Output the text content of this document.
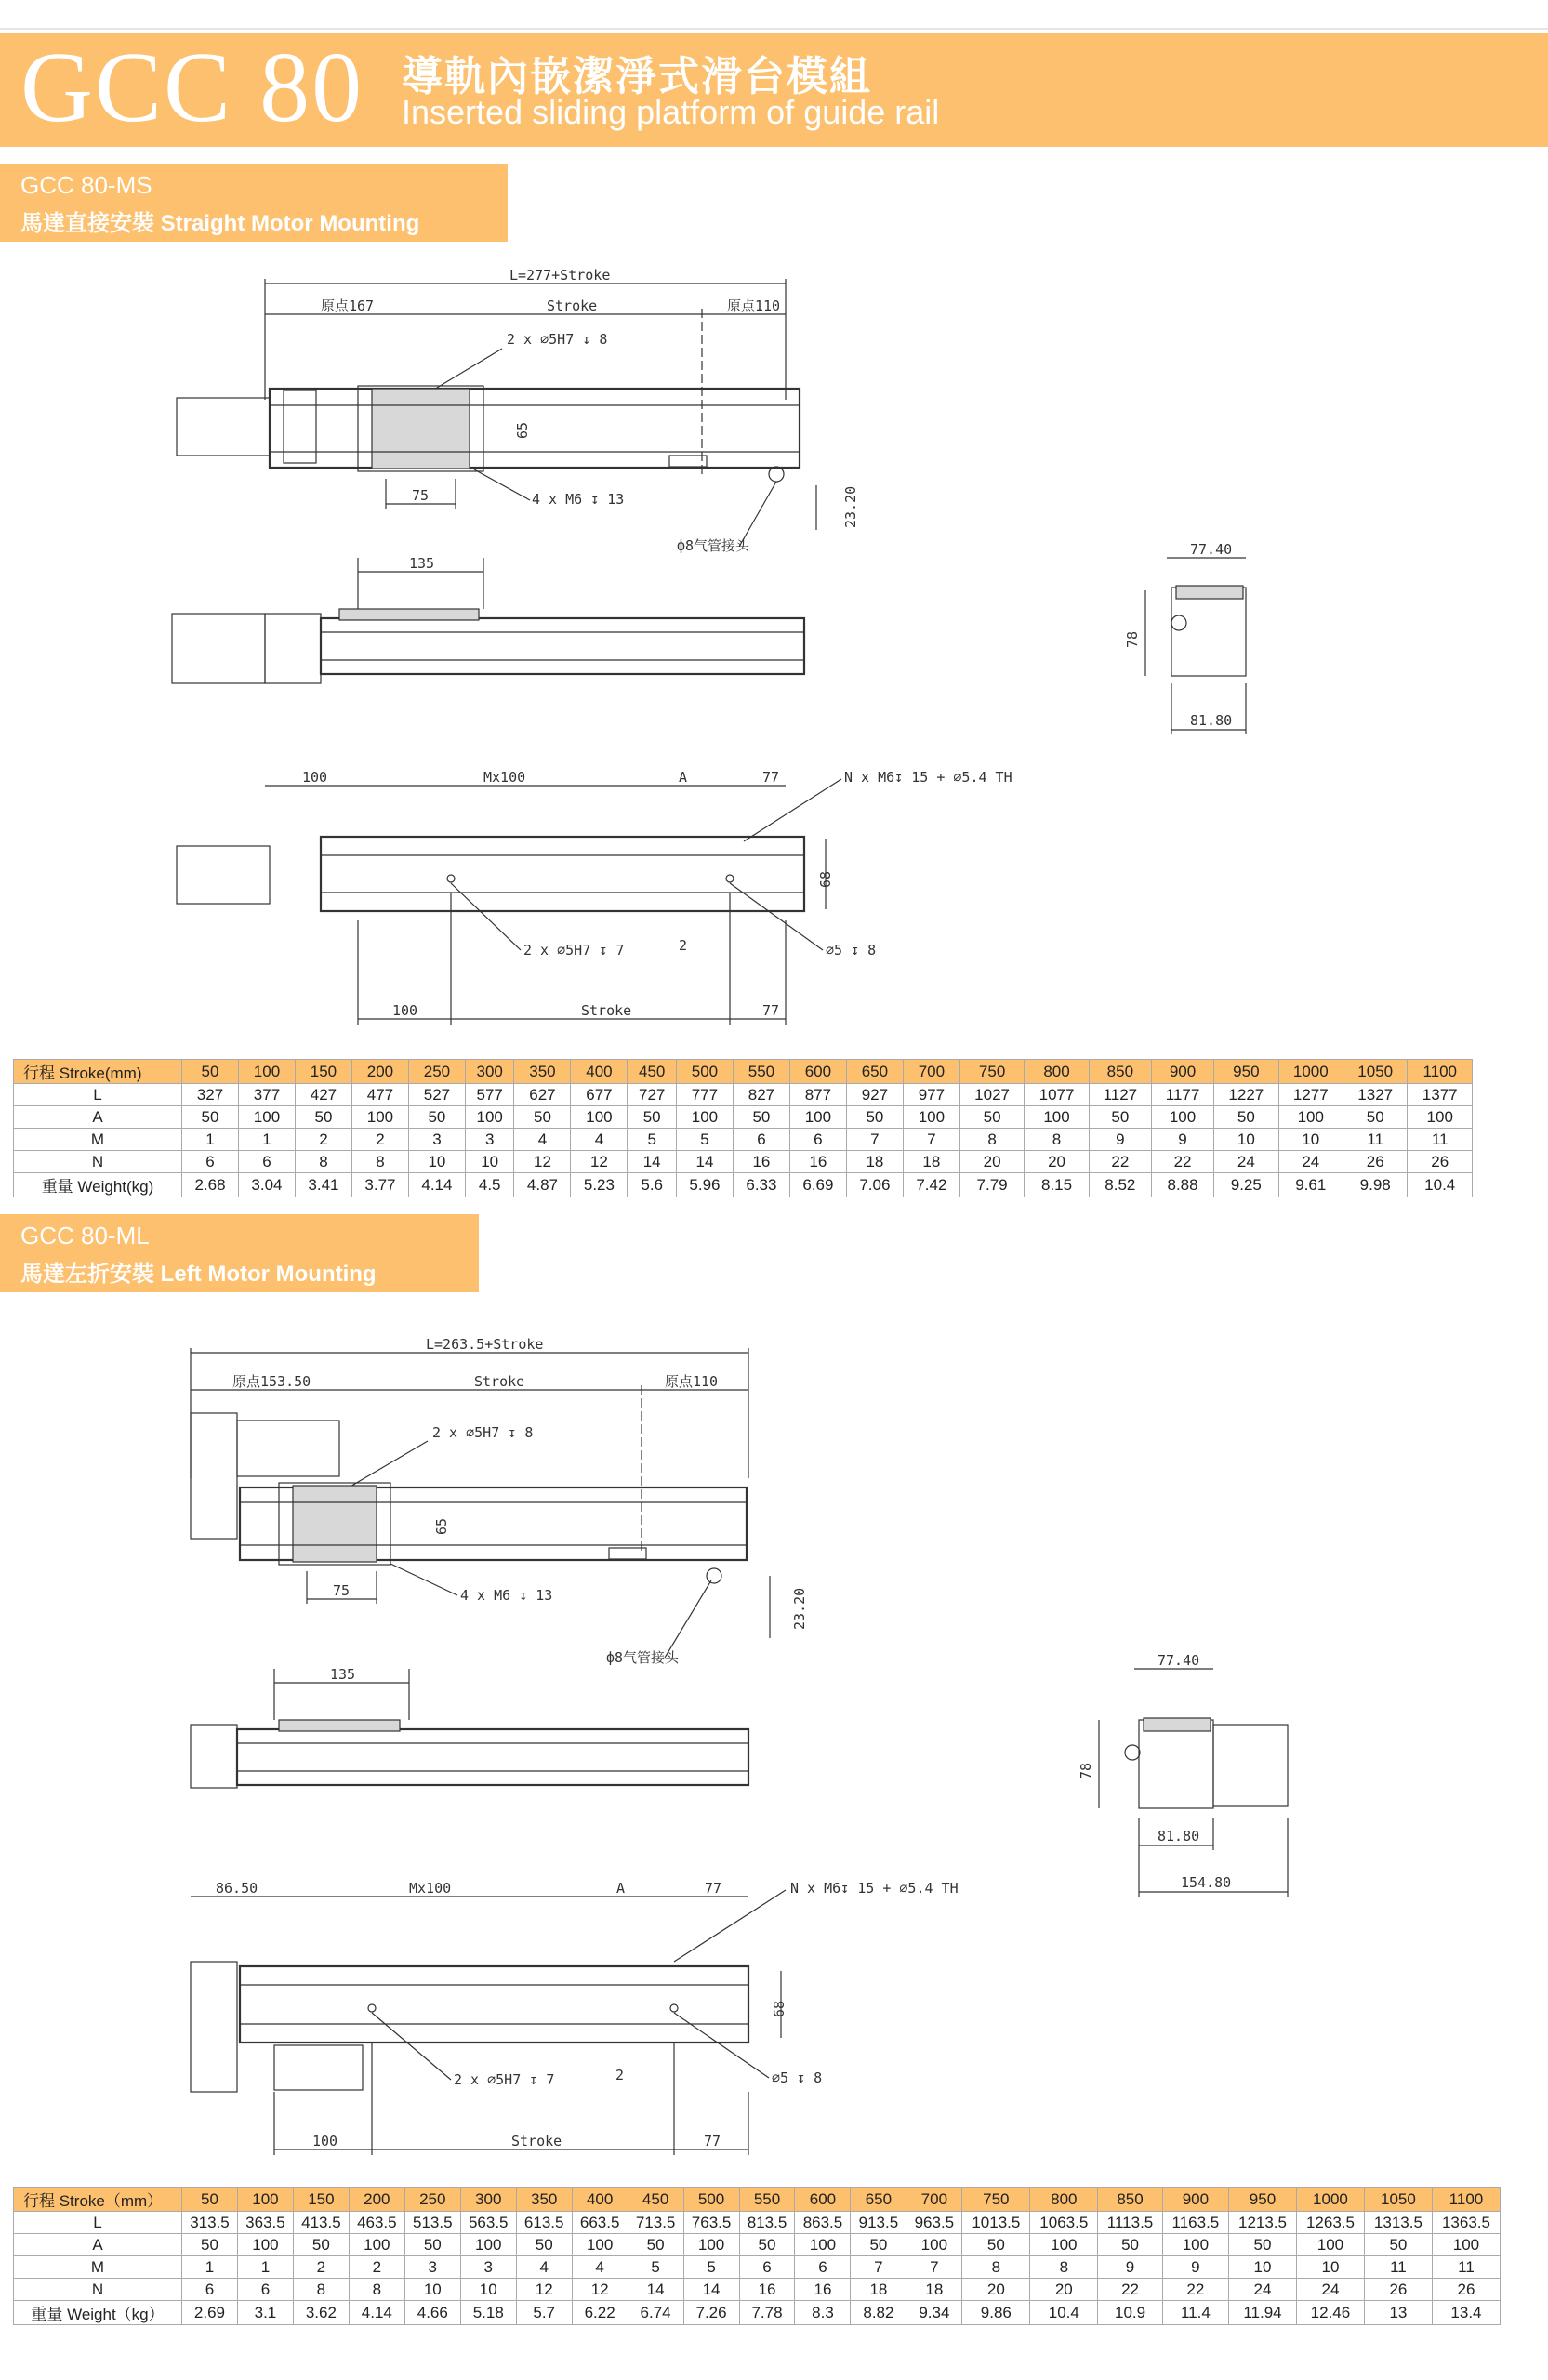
GCC 80 導軌內嵌潔淨式滑台模組
Inserted sliding platform of guide rail
GCC 80-MS
馬達直接安裝 Straight Motor Mounting
L=277+Stroke
原点167	Stroke	原点110
2 x ⌀5H7 ↧ 8
65
75	4 x M6 ↧ 13	23.20
ф8气管接头
135
77.40
78
81.80
100	Mx100	A	77	N x M6↧ 15 + ⌀5.4 TH
68
2 x ⌀5H7 ↧ 7	2	⌀5 ↧ 8
100	Stroke	77
行程 Stroke(mm)	50	100	150	200	250	300	350	400	450	500	550	600	650	700	750	800	850	900	950	1000	1050	1100
L	327	377	427	477	527	577	627	677	727	777	827	877	927	977	1027	1077	1127	1177	1227	1277	1327	1377
A	50	100	50	100	50	100	50	100	50	100	50	100	50	100	50	100	50	100	50	100	50	100
M	1	1	2	2	3	3	4	4	5	5	6	6	7	7	8	8	9	9	10	10	11	11
N	6	6	8	8	10	10	12	12	14	14	16	16	18	18	20	20	22	22	24	24	26	26
重量 Weight(kg)	2.68	3.04	3.41	3.77	4.14	4.5	4.87	5.23	5.6	5.96	6.33	6.69	7.06	7.42	7.79	8.15	8.52	8.88	9.25	9.61	9.98	10.4
GCC 80-ML
馬達左折安裝 Left Motor Mounting
L=263.5+Stroke
原点153.50	Stroke	原点110
2 x ⌀5H7 ↧ 8
65
75	4 x M6 ↧ 13	23.20
ф8气管接头
135
77.40
78
81.80
154.80
86.50	Mx100	A	77	N x M6↧ 15 + ⌀5.4 TH
68
2 x ⌀5H7 ↧ 7	2	⌀5 ↧ 8
100	Stroke	77
行程 Stroke（mm）	50	100	150	200	250	300	350	400	450	500	550	600	650	700	750	800	850	900	950	1000	1050	1100
L	313.5	363.5	413.5	463.5	513.5	563.5	613.5	663.5	713.5	763.5	813.5	863.5	913.5	963.5	1013.5	1063.5	1113.5	1163.5	1213.5	1263.5	1313.5	1363.5
A	50	100	50	100	50	100	50	100	50	100	50	100	50	100	50	100	50	100	50	100	50	100
M	1	1	2	2	3	3	4	4	5	5	6	6	7	7	8	8	9	9	10	10	11	11
N	6	6	8	8	10	10	12	12	14	14	16	16	18	18	20	20	22	22	24	24	26	26
重量 Weight（kg）	2.69	3.1	3.62	4.14	4.66	5.18	5.7	6.22	6.74	7.26	7.78	8.3	8.82	9.34	9.86	10.4	10.9	11.4	11.94	12.46	13	13.4
